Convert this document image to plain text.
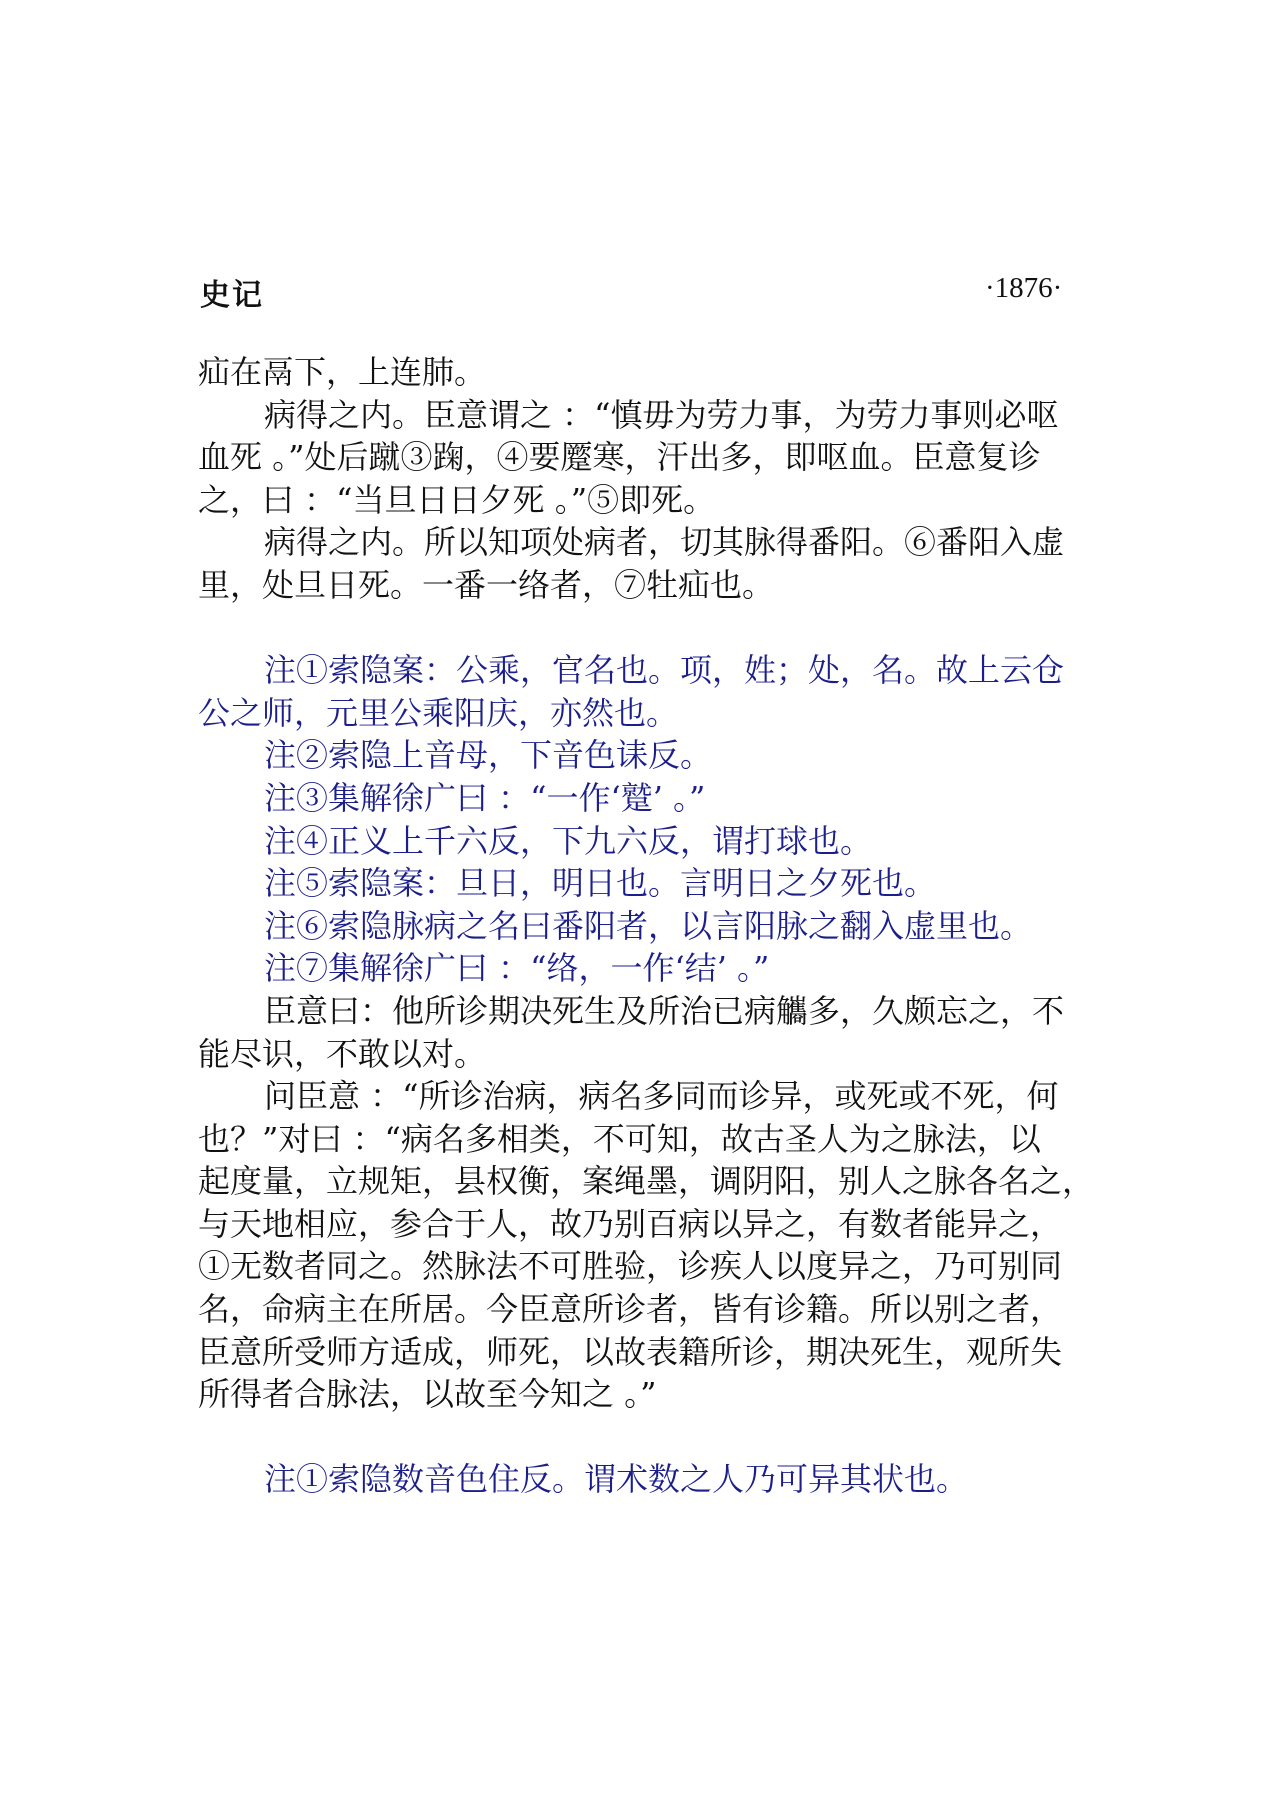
史记	·1876·

疝在鬲下，上连肺。

病得之内。臣意谓之 ：“慎毋为劳力事，为劳力事则必呕

血死 。”处后蹴③踘，④要蹷寒，汗出多，即呕血。臣意复诊

之，曰 ：“当旦日日夕死 。”⑤即死。

病得之内。所以知项处病者，切其脉得番阳。⑥番阳入虚

里，处旦日死。一番一络者，⑦牡疝也。

注①索隐案：公乘，官名也。项，姓；处，名。故上云仓

公之师，元里公乘阳庆，亦然也。

注②索隐上音母，下音色诔反。

注③集解徐广曰 ：“一作‘蹵’ 。”

注④正义上千六反，下九六反，谓打球也。

注⑤索隐案：旦日，明日也。言明日之夕死也。

注⑥索隐脉病之名曰番阳者，以言阳脉之翻入虚里也。

注⑦集解徐广曰 ：“络，一作‘结’ 。”

臣意曰：他所诊期决死生及所治已病觿多，久颇忘之，不

能尽识，不敢以对。

问臣意 ：“所诊治病，病名多同而诊异，或死或不死，何

也？”对曰 ：“病名多相类，不可知，故古圣人为之脉法，以

起度量，立规矩，县权衡，案绳墨，调阴阳，别人之脉各名之，

与天地相应，参合于人，故乃别百病以异之，有数者能异之，

①无数者同之。然脉法不可胜验，诊疾人以度异之，乃可别同

名，命病主在所居。今臣意所诊者，皆有诊籍。所以别之者，

臣意所受师方适成，师死，以故表籍所诊，期决死生，观所失

所得者合脉法，以故至今知之 。”

注①索隐数音色住反。谓术数之人乃可异其状也。
